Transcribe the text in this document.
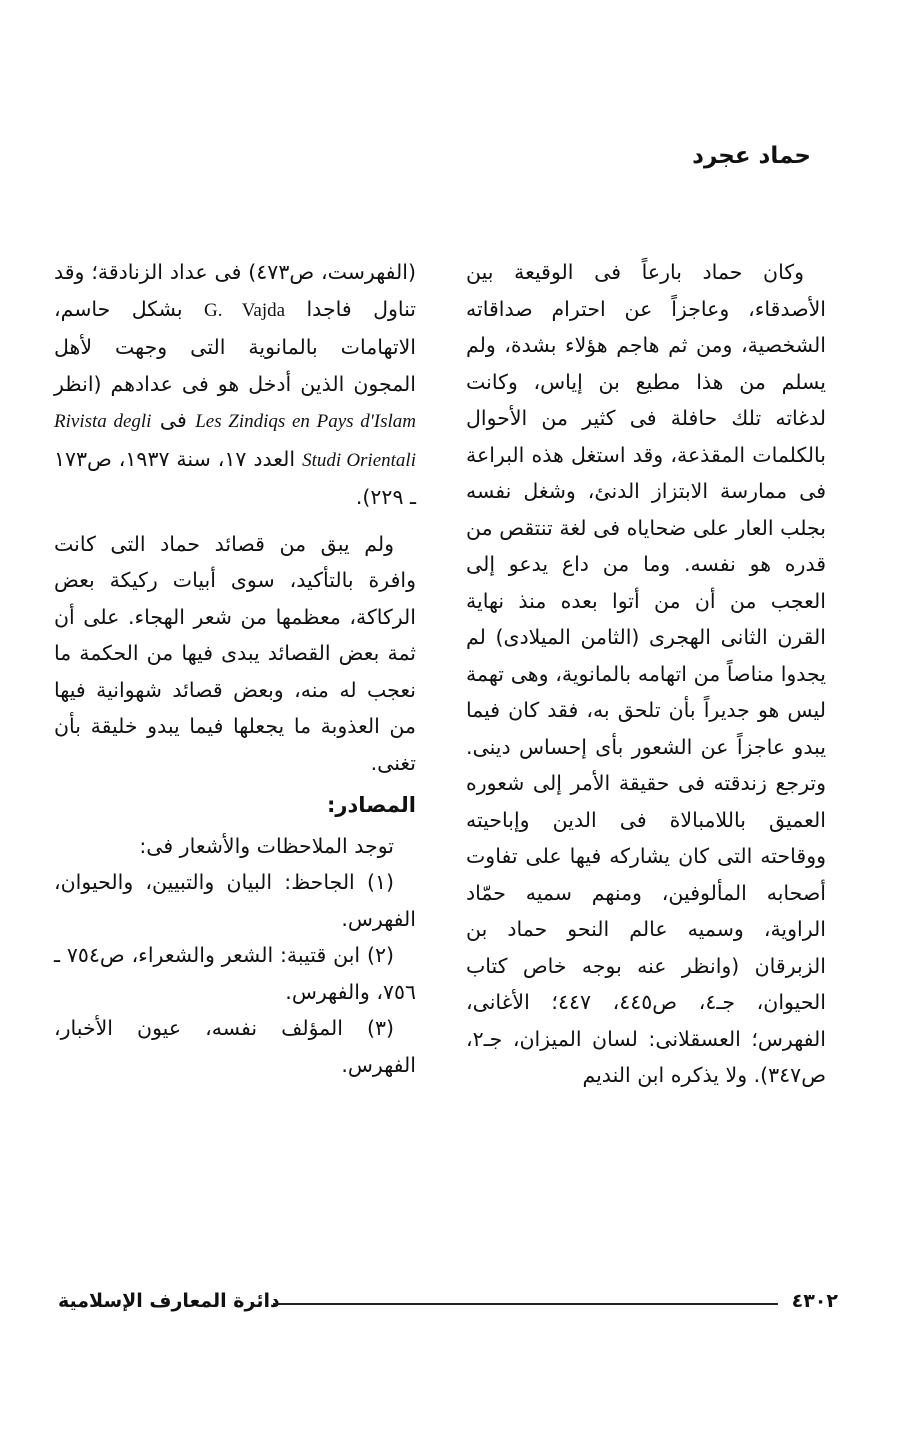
حماد عجرد

وكان حماد بارعاً فى الوقيعة بين الأصدقاء، وعاجزاً عن احترام صداقاته الشخصية، ومن ثم هاجم هؤلاء بشدة، ولم يسلم من هذا مطيع بن إياس، وكانت لدغاته تلك حافلة فى كثير من الأحوال بالكلمات المقذعة، وقد استغل هذه البراعة فى ممارسة الابتزاز الدنئ، وشغل نفسه بجلب العار على ضحاياه فى لغة تنتقص من قدره هو نفسه. وما من داع يدعو إلى العجب من أن من أتوا بعده منذ نهاية القرن الثانى الهجرى (الثامن الميلادى) لم يجدوا مناصاً من اتهامه بالمانوية، وهى تهمة ليس هو جديراً بأن تلحق به، فقد كان فيما يبدو عاجزاً عن الشعور بأى إحساس دينى. وترجع زندقته فى حقيقة الأمر إلى شعوره العميق باللامبالاة فى الدين وإباحيته ووقاحته التى كان يشاركه فيها على تفاوت أصحابه المألوفين، ومنهم سميه حمّاد الراوية، وسميه عالم النحو حماد بن الزبرقان (وانظر عنه بوجه خاص كتاب الحيوان، جـ٤، ص٤٤٥، ٤٤٧؛ الأغانى، الفهرس؛ العسقلانى: لسان الميزان، جـ٢، ص٣٤٧). ولا يذكره ابن النديم

(الفهرست، ص٤٧٣) فى عداد الزنادقة؛ وقد تناول فاجدا G. Vajda بشكل حاسم، الاتهامات بالمانوية التى وجهت لأهل المجون الذين أدخل هو فى عدادهم (انظر Les Zindiqs en Pays d'Islam فى Rivista degli Studi Orientali العدد ١٧، سنة ١٩٣٧، ص١٧٣ ـ ٢٢٩).

ولم يبق من قصائد حماد التى كانت وافرة بالتأكيد، سوى أبيات ركيكة بعض الركاكة، معظمها من شعر الهجاء. على أن ثمة بعض القصائد يبدى فيها من الحكمة ما نعجب له منه، وبعض قصائد شهوانية فيها من العذوبة ما يجعلها فيما يبدو خليقة بأن تغنى.

المصادر:

توجد الملاحظات والأشعار فى:

(١) الجاحظ: البيان والتبيين، والحيوان، الفهرس.

(٢) ابن قتيبة: الشعر والشعراء، ص٧٥٤ ـ ٧٥٦، والفهرس.

(٣) المؤلف نفسه، عيون الأخبار، الفهرس.

دائرة المعارف الإسلامية	٤٣٠٢
